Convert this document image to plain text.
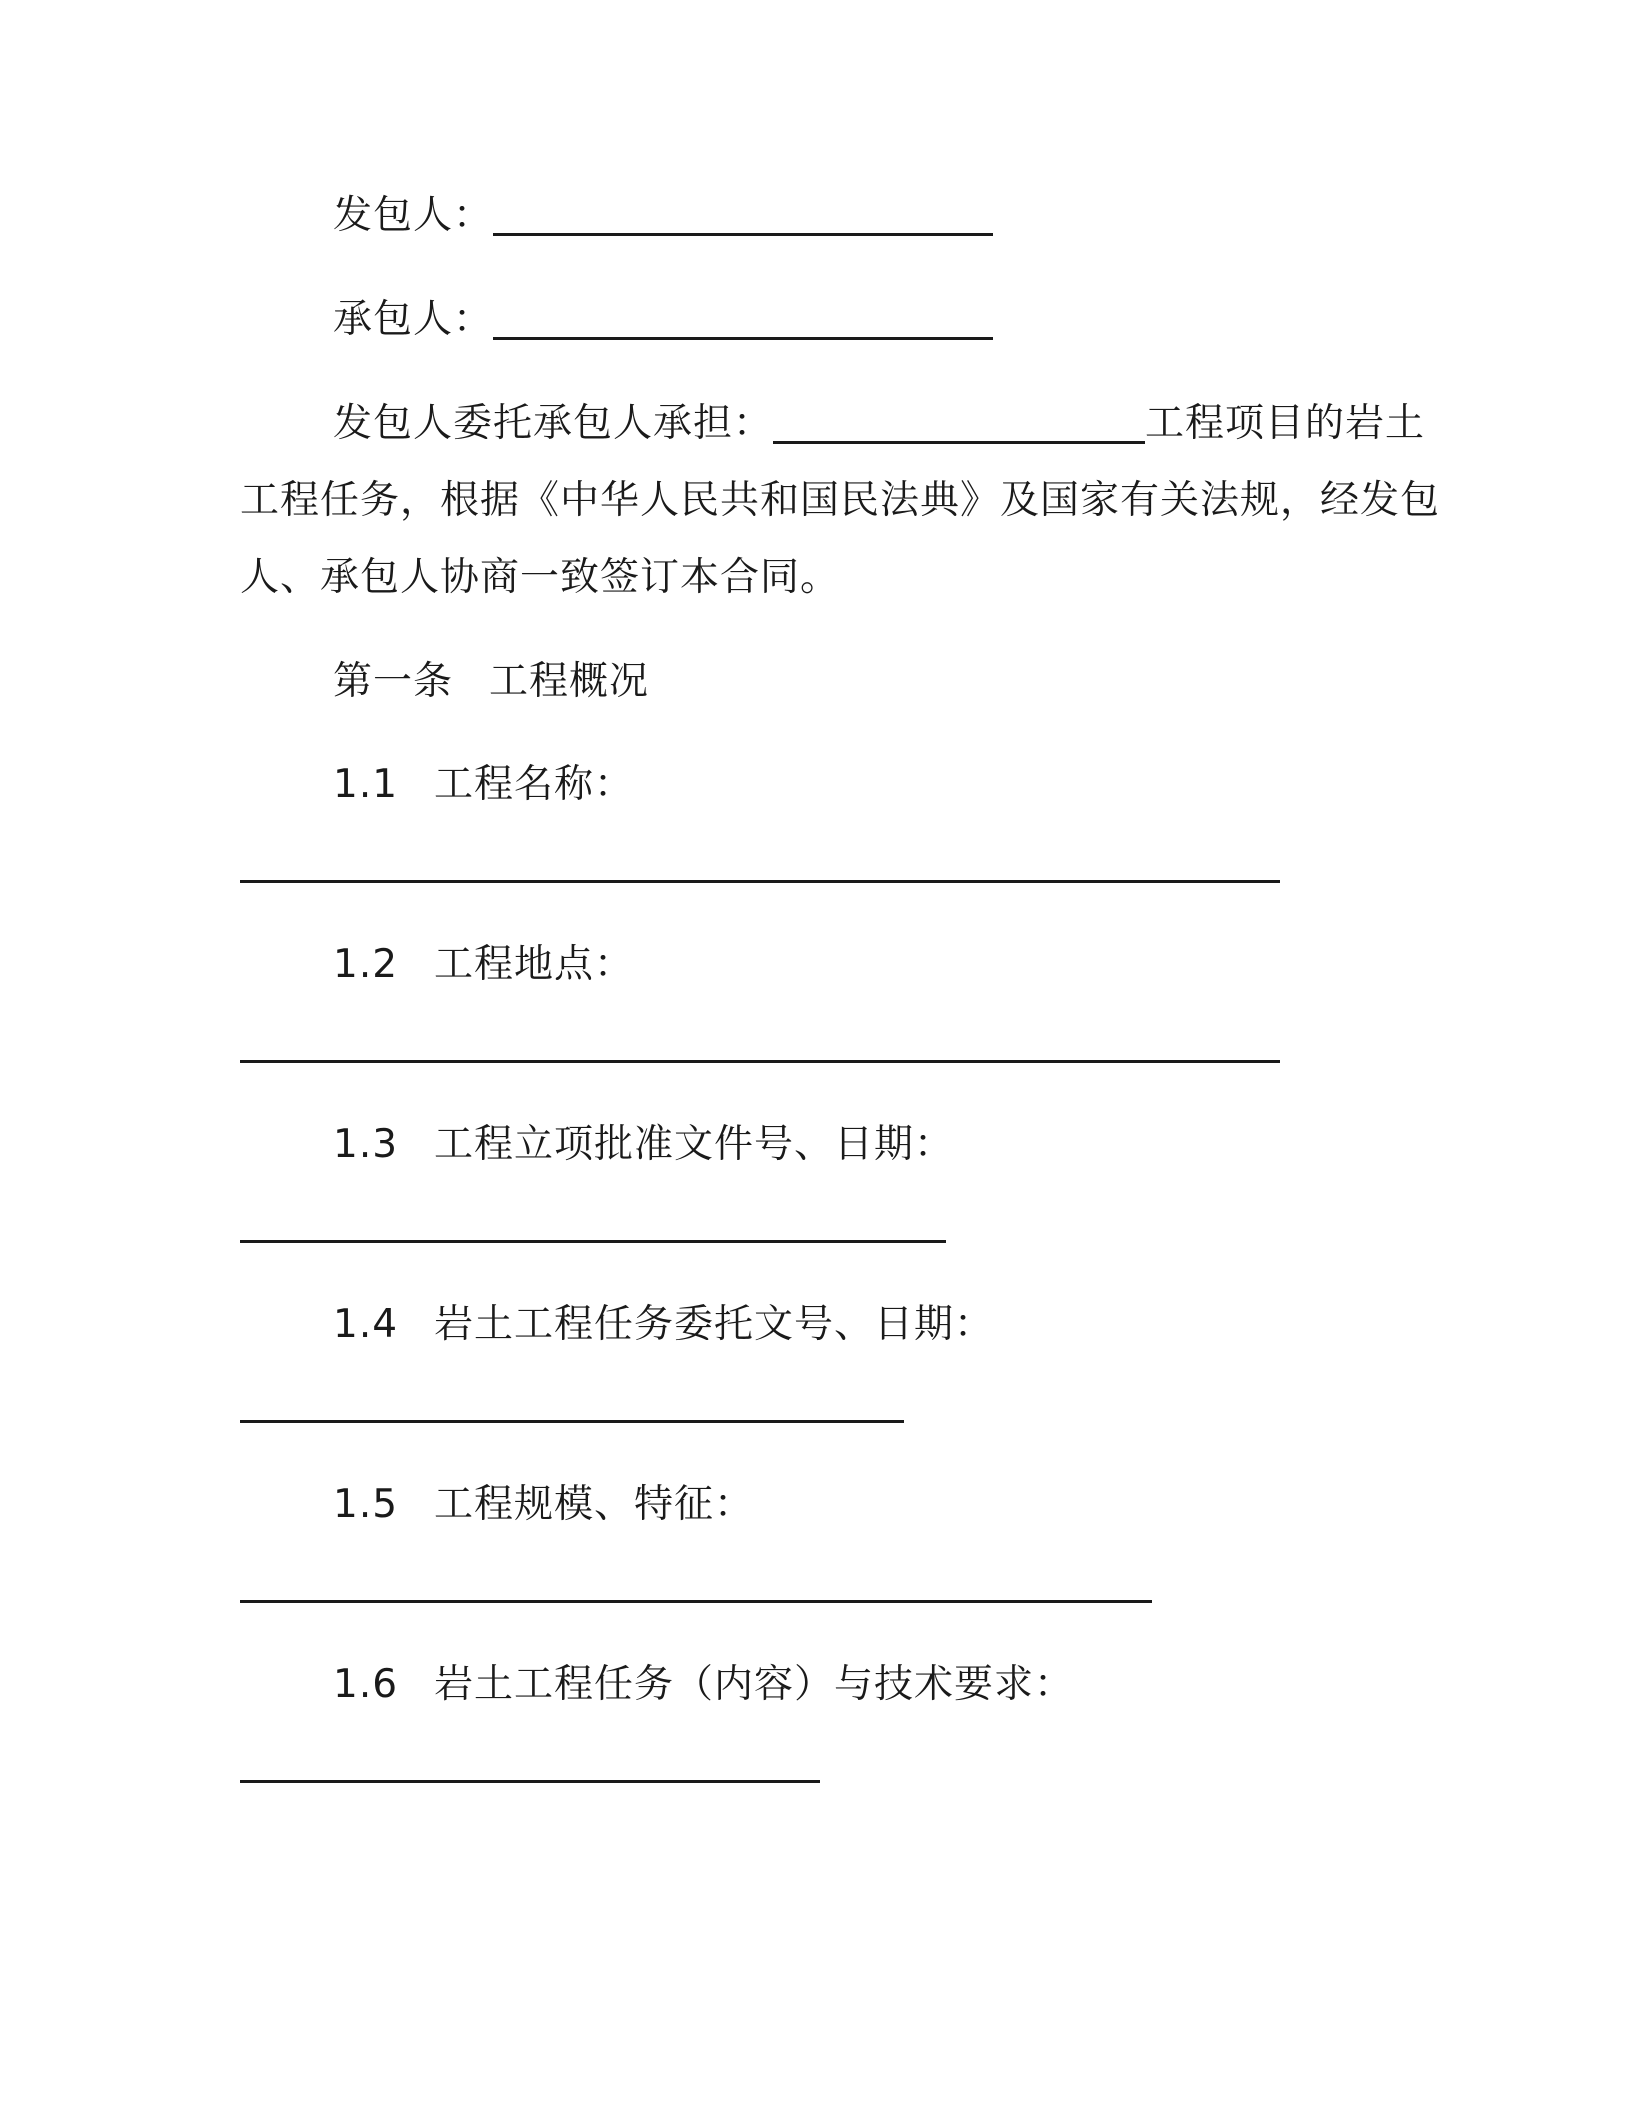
发包人：
承包人：
发包人委托承包人承担：	工程项目的岩土
工程任务，根据《中华人民共和国民法典》及国家有关法规，经发包
人、承包人协商一致签订本合同。
第一条 工程概况
1.1 工程名称：
1.2 工程地点：
1.3 工程立项批准文件号、日期：
1.4 岩土工程任务委托文号、日期：
1.5 工程规模、特征：
1.6 岩土工程任务（内容）与技术要求：
